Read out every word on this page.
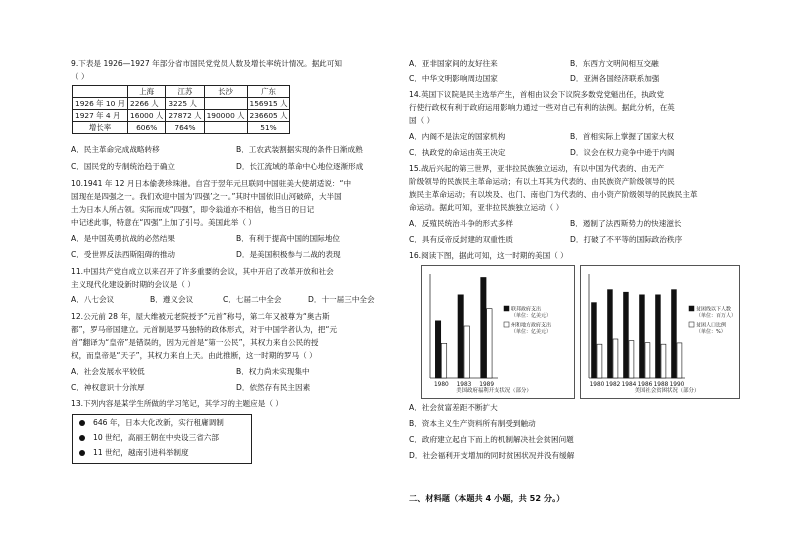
9.下表是 1926—1927 年部分省市国民党党员人数及增长率统计情况。据此可知
（ ）
	上海	江苏	长沙	广东
1926 年 10 月	2266 人	3225 人		156915 人
1927 年 4 月	16000 人	27872 人	190000 人	236605 人
增长率	606%	764%		51%
A．民主革命完成战略转移	B．工农武装割据实现的条件日渐成熟
C．国民党的专制统治趋于确立	D．长江流域的革命中心地位逐渐形成
10.1941 年 12 月日本偷袭珍珠港。自宫于翌年元旦联同中国驻美大使胡适说：“中
国现在是四强之一。我们欢迎中国为‘四强’之一。”其时中国依旧山河破碎，大半国
土为日本人所占领。实际而成“四强”，即令翁道亦不相信，他当日的日记
中记述此事，特意在“四强”上加了引号。美国此举（ ）
A．是中国英勇抗战的必然结果	B．有利于提高中国的国际地位
C．受世界反法西斯阻碍的推动	D．是美国积极参与二战的表现
11.中国共产党自成立以来召开了许多重要的会议，其中开启了改革开放和社会
主义现代化建设新时期的会议是（ ）
A．八七会议	B．遵义会议	C．七届二中全会	D．十一届三中全会
12.公元前 28 年，屋大维被元老院授予“元首”称号，第二年又被尊为“奥古斯
都”，罗马帝国建立。元首制是罗马独特的政体形式，对于中国学者认为，把“元
首”翻译为“皇帝”是错误的，因为元首是“第一公民”，其权力来自公民的授
权，而皇帝是“天子”，其权力来自上天。由此推断，这一时期的罗马（ ）
A．社会发展水平较低	B．权力尚未实现集中
C．神权意识十分浓厚	D．依然存有民主因素
13.下列内容是某学生所做的学习笔记，其学习的主题应是（ ）
646 年，日本大化改新，实行租庸调制
10 世纪，高丽王朝在中央设三省六部
11 世纪，越南引进科举制度
A．亚非国家间的友好往来	B．东西方文明间相互交融
C．中华文明影响周边国家	D．亚洲各国经济联系加强
14.英国下议院是民主选举产生，首相由议会下议院多数党党魁出任，执政党
行使行政权有利于政府运用影响力通过一些对自己有利的法例。据此分析，在英
国（ ）
A．内阁不是法定的国家机构	B．首相实际上掌握了国家大权
C．执政党的命运由英王决定	D．议会在权力竞争中逊于内阁
15.战后兴起的第三世界，亚非拉民族独立运动，有以中国为代表的、由无产
阶级领导的民族民主革命运动；有以土耳其为代表的、由民族资产阶级领导的民
族民主革命运动；有以埃及、也门、南也门为代表的、由小资产阶级领导的民族民主革
命运动。据此可知，亚非拉民族独立运动（ ）
A．反殖民统治斗争的形式多样	B．遏制了法西斯势力的快速滋长
C．具有反帝反封建的双重性质	D．打破了不平等的国际政治秩序
16.阅读下图，据此可知，这一时期的美国（ ）
1980 1983 1989
联邦政府支出
（单位：亿美元）
州和地方政府支出
（单位：亿美元）
美国政府福利开支状况（部分）
1980 1982 1984 1986 1988 1990
贫困线以下人数
（单位：百万人）
贫困人口比例
（单位：%）
美国社会贫困状况（部分）
A．社会贫富差距不断扩大
B．资本主义生产资料所有制受到触动
C．政府建立起自下而上的机制解决社会贫困问题
D．社会福利开支增加的同时贫困状况并没有缓解
二、材料题（本题共 4 小题，共 52 分。）
